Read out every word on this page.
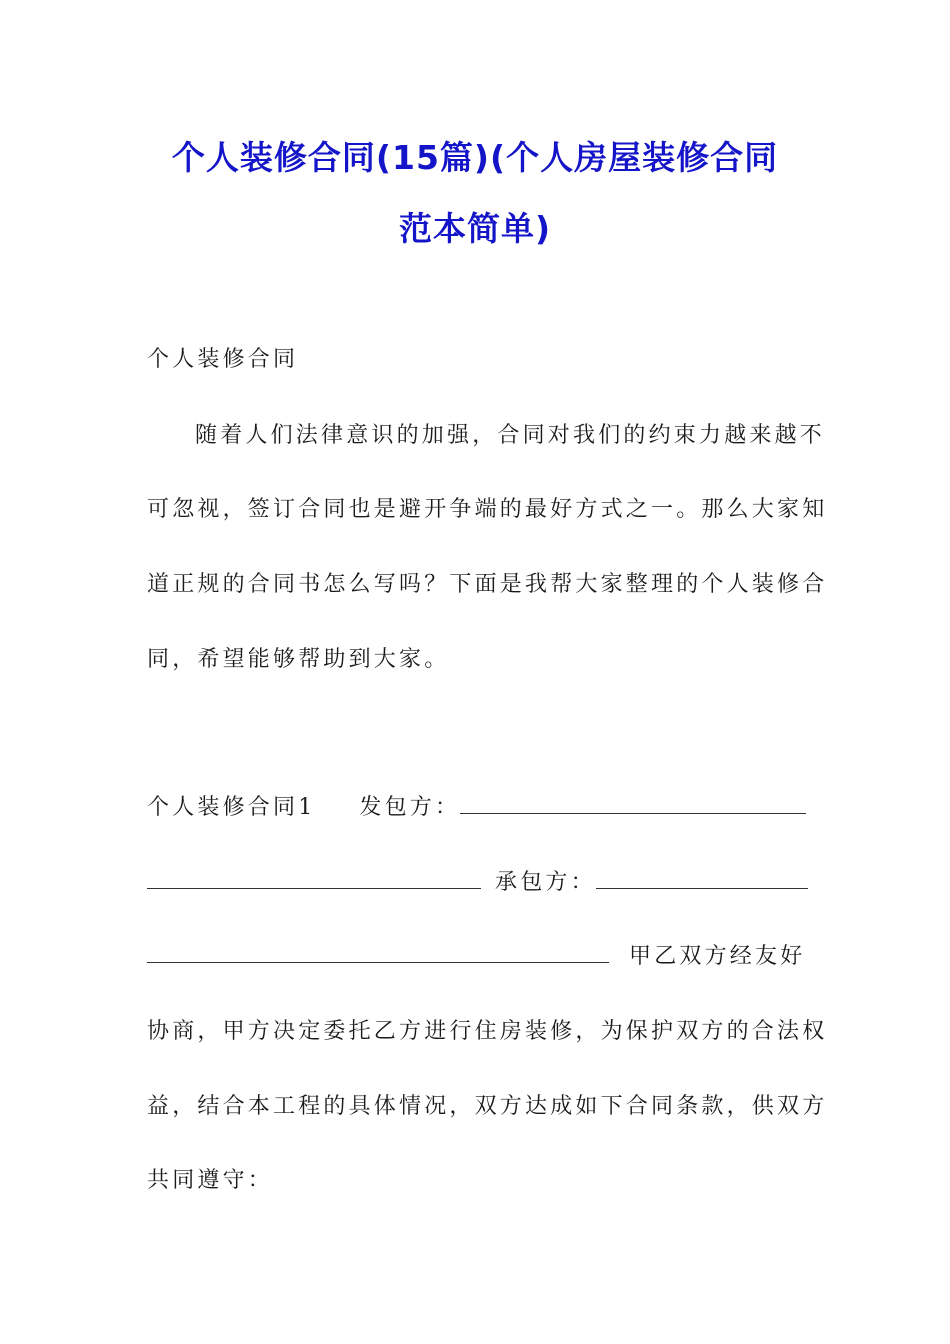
个人装修合同(15篇)(个人房屋装修合同
范本简单)
个人装修合同
随着人们法律意识的加强，合同对我们的约束力越来越不
可忽视，签订合同也是避开争端的最好方式之一。那么大家知
道正规的合同书怎么写吗？下面是我帮大家整理的个人装修合
同，希望能够帮助到大家。
个人装修合同1 发包方：
承包方：
甲乙双方经友好
协商，甲方决定委托乙方进行住房装修，为保护双方的合法权
益，结合本工程的具体情况，双方达成如下合同条款，供双方
共同遵守：
